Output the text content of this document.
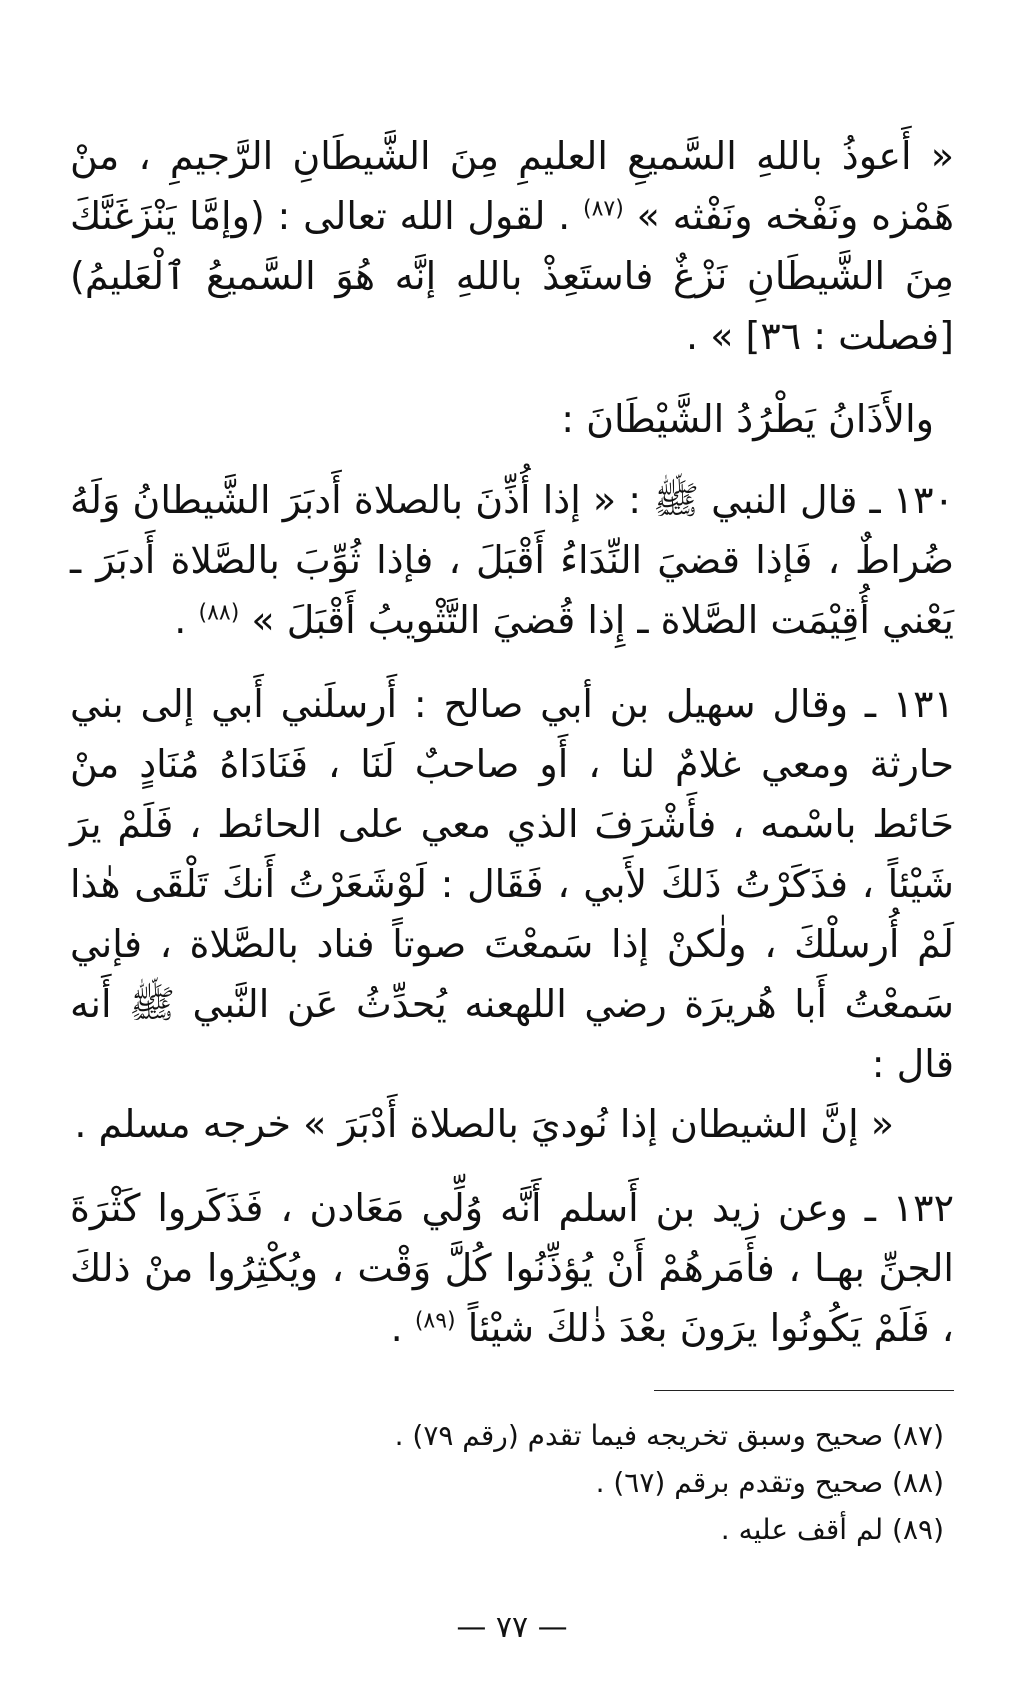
« أَعوذُ باللهِ السَّميعِ العليمِ مِنَ الشَّيطَانِ الرَّجيمِ ، منْ هَمْزه ونَفْخه ونَفْثه » $^{(٨٧)}$ . لقول الله تعالى : (وإمَّا يَنْزَغَنَّكَ مِنَ الشَّيطَانِ نَزْغٌ فاستَعِذْ باللهِ إنَّه هُوَ السَّميعُ ٱلْعَليمُ) [فصلت : ٣٦] » .

والأَذَانُ يَطْرُدُ الشَّيْطَانَ :

١٣٠ ـ قال النبي ﷺ : « إذا أُذِّنَ بالصلاة أَدبَرَ الشَّيطانُ وَلَهُ ضُراطٌ ، فَإذا قضيَ النِّدَاءُ أَقْبَلَ ، فإذا ثُوِّبَ بالصَّلاة أَدبَرَ ـ يَعْني أُقِيْمَت الصَّلاة ـ إِذا قُضيَ التَّثْويبُ أَقْبَلَ » $^{(٨٨)}$ .

١٣١ ـ وقال سهيل بن أبي صالح : أَرسلَني أَبي إلى بني حارثة ومعي غلامٌ لنا ، أَو صاحبٌ لَنَا ، فَنَادَاهُ مُنَادٍ منْ حَائط باسْمه ، فأَشْرَفَ الذي معي على الحائط ، فَلَمْ يرَ شَيْئاً ، فذَكَرْتُ ذَلكَ لأَبي ، فَقَال : لَوْشَعَرْتُ أَنكَ تَلْقَى هٰذا لَمْ أُرسلْكَ ، ولٰكنْ إذا سَمعْتَ صوتاً فناد بالصَّلاة ، فإني سَمعْتُ أَبا هُريرَة رضي اللهعنه يُحدِّثُ عَن النَّبي ﷺ أَنه قال :

« إنَّ الشيطان إذا نُوديَ بالصلاة أَدْبَرَ » خرجه مسلم .

١٣٢ ـ وعن زيد بن أَسلم أَنَّه وُلِّي مَعَادن ، فَذَكَروا كَثْرَةَ الجنِّ بهـا ، فأَمَرهُمْ أَنْ يُؤذِّنُوا كُلَّ وَقْت ، ويُكْثِرُوا منْ ذلكَ ، فَلَمْ يَكُونُوا يرَونَ بعْدَ ذٰلكَ شيْئاً $^{(٨٩)}$ .

(٨٧) صحيح وسبق تخريجه فيما تقدم (رقم ٧٩) .

(٨٨) صحيح وتقدم برقم (٦٧) .

(٨٩) لم أقف عليه .

— ٧٧ —
